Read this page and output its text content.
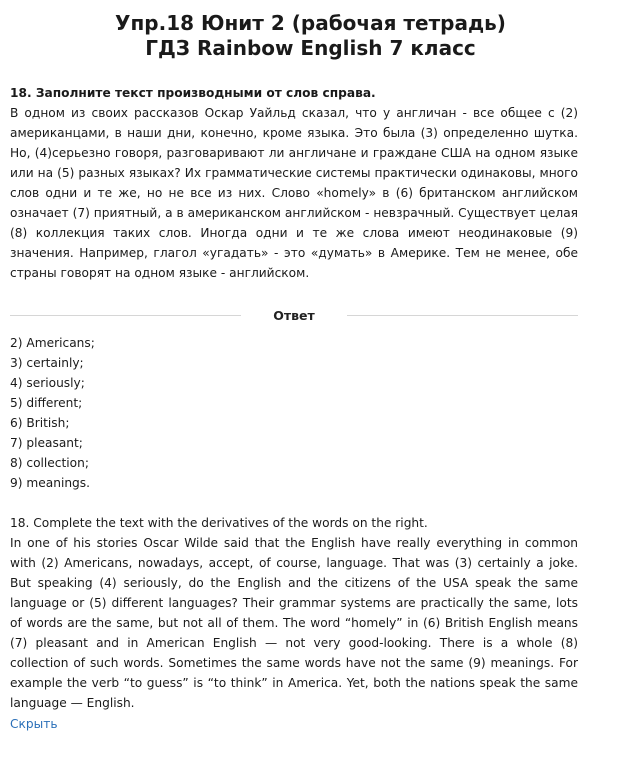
Упр.18 Юнит 2 (рабочая тетрадь)
ГДЗ Rainbow English 7 класс
18. Заполните текст производными от слов справа.
В одном из своих рассказов Оскар Уайльд сказал, что у англичан - все общее с (2) американцами, в наши дни, конечно, кроме языка. Это была (3) определенно шутка. Но, (4)серьезно говоря, разговаривают ли англичане и граждане США на одном языке или на (5) разных языках? Их грамматические системы практически одинаковы, много слов одни и те же, но не все из них. Слово «homely» в (6) британском английском означает (7) приятный, а в американском английском - невзрачный. Существует целая (8) коллекция таких слов. Иногда одни и те же слова имеют неодинаковые (9) значения. Например, глагол «угадать» - это «думать» в Америке. Тем не менее, обе страны говорят на одном языке - английском.
Ответ
2) Americans;
3) certainly;
4) seriously;
5) different;
6) British;
7) pleasant;
8) collection;
9) meanings.
18. Complete the text with the derivatives of the words on the right.
In one of his stories Oscar Wilde said that the English have really everything in common with (2) Americans, nowadays, accept, of course, language. That was (3) certainly a joke. But speaking (4) seriously, do the English and the citizens of the USA speak the same language or (5) different languages? Their grammar systems are practically the same, lots of words are the same, but not all of them. The word “homely” in (6) British English means (7) pleasant and in American English — not very good-looking. There is a whole (8) collection of such words. Sometimes the same words have not the same (9) meanings. For example the verb “to guess” is “to think” in America. Yet, both the nations speak the same language — English.
Скрыть
